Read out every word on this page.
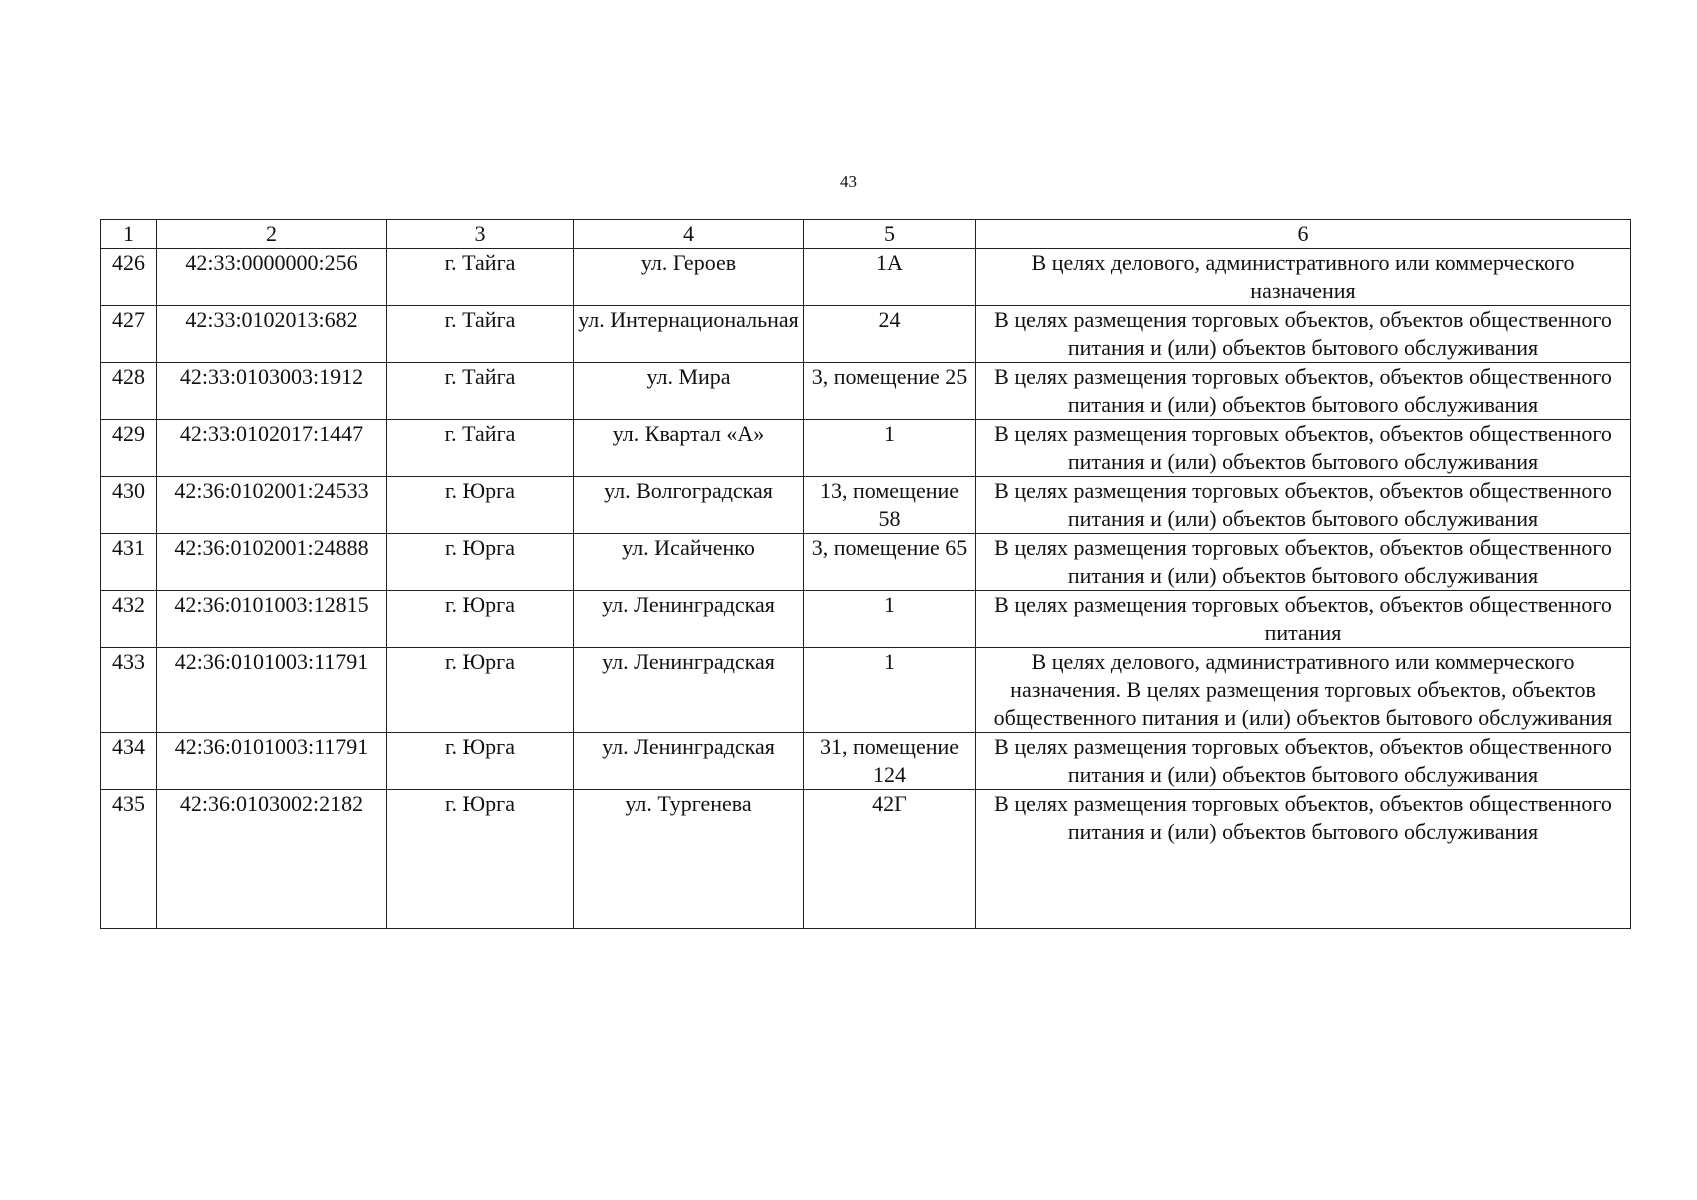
43
1	2	3	4	5	6
426	42:33:0000000:256	г. Тайга	ул. Героев	1А	В целях делового, административного или коммерческого назначения
427	42:33:0102013:682	г. Тайга	ул. Интернациональная	24	В целях размещения торговых объектов, объектов общественного питания и (или) объектов бытового обслуживания
428	42:33:0103003:1912	г. Тайга	ул. Мира	3, помещение 25	В целях размещения торговых объектов, объектов общественного питания и (или) объектов бытового обслуживания
429	42:33:0102017:1447	г. Тайга	ул. Квартал «А»	1	В целях размещения торговых объектов, объектов общественного питания и (или) объектов бытового обслуживания
430	42:36:0102001:24533	г. Юрга	ул. Волгоградская	13, помещение 58	В целях размещения торговых объектов, объектов общественного питания и (или) объектов бытового обслуживания
431	42:36:0102001:24888	г. Юрга	ул. Исайченко	3, помещение 65	В целях размещения торговых объектов, объектов общественного питания и (или) объектов бытового обслуживания
432	42:36:0101003:12815	г. Юрга	ул. Ленинградская	1	В целях размещения торговых объектов, объектов общественного питания
433	42:36:0101003:11791	г. Юрга	ул. Ленинградская	1	В целях делового, административного или коммерческого назначения. В целях размещения торговых объектов, объектов общественного питания и (или) объектов бытового обслуживания
434	42:36:0101003:11791	г. Юрга	ул. Ленинградская	31, помещение 124	В целях размещения торговых объектов, объектов общественного питания и (или) объектов бытового обслуживания
435	42:36:0103002:2182	г. Юрга	ул. Тургенева	42Г	В целях размещения торговых объектов, объектов общественного питания и (или) объектов бытового обслуживания
